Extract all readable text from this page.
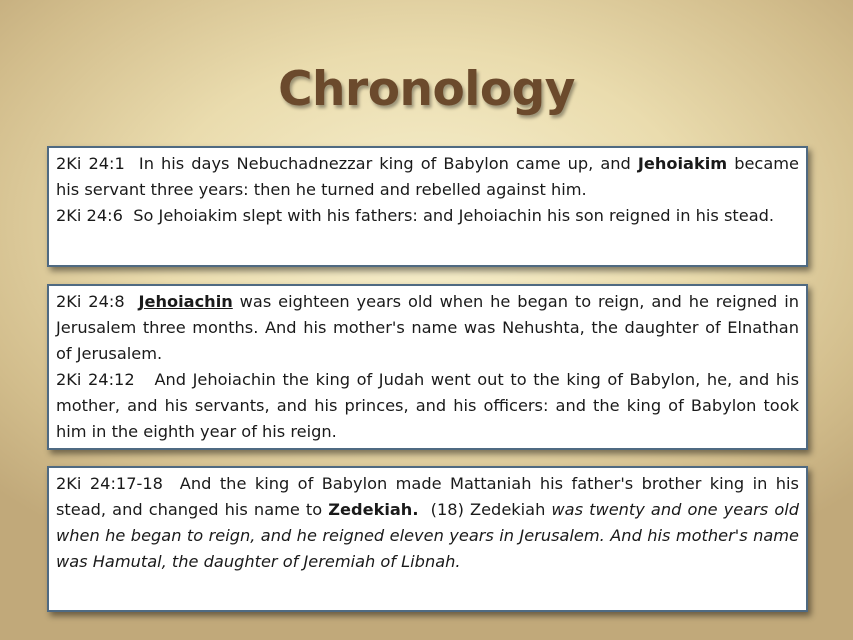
Chronology
2Ki 24:1 In his days Nebuchadnezzar king of Babylon came up, and Jehoiakim became his servant three years: then he turned and rebelled against him.
2Ki 24:6 So Jehoiakim slept with his fathers: and Jehoiachin his son reigned in his stead.
2Ki 24:8 Jehoiachin was eighteen years old when he began to reign, and he reigned in Jerusalem three months. And his mother's name was Nehushta, the daughter of Elnathan of Jerusalem.
2Ki 24:12 And Jehoiachin the king of Judah went out to the king of Babylon, he, and his mother, and his servants, and his princes, and his officers: and the king of Babylon took him in the eighth year of his reign.
2Ki 24:17-18 And the king of Babylon made Mattaniah his father's brother king in his stead, and changed his name to Zedekiah. (18) Zedekiah was twenty and one years old when he began to reign, and he reigned eleven years in Jerusalem. And his mother's name was Hamutal, the daughter of Jeremiah of Libnah.
